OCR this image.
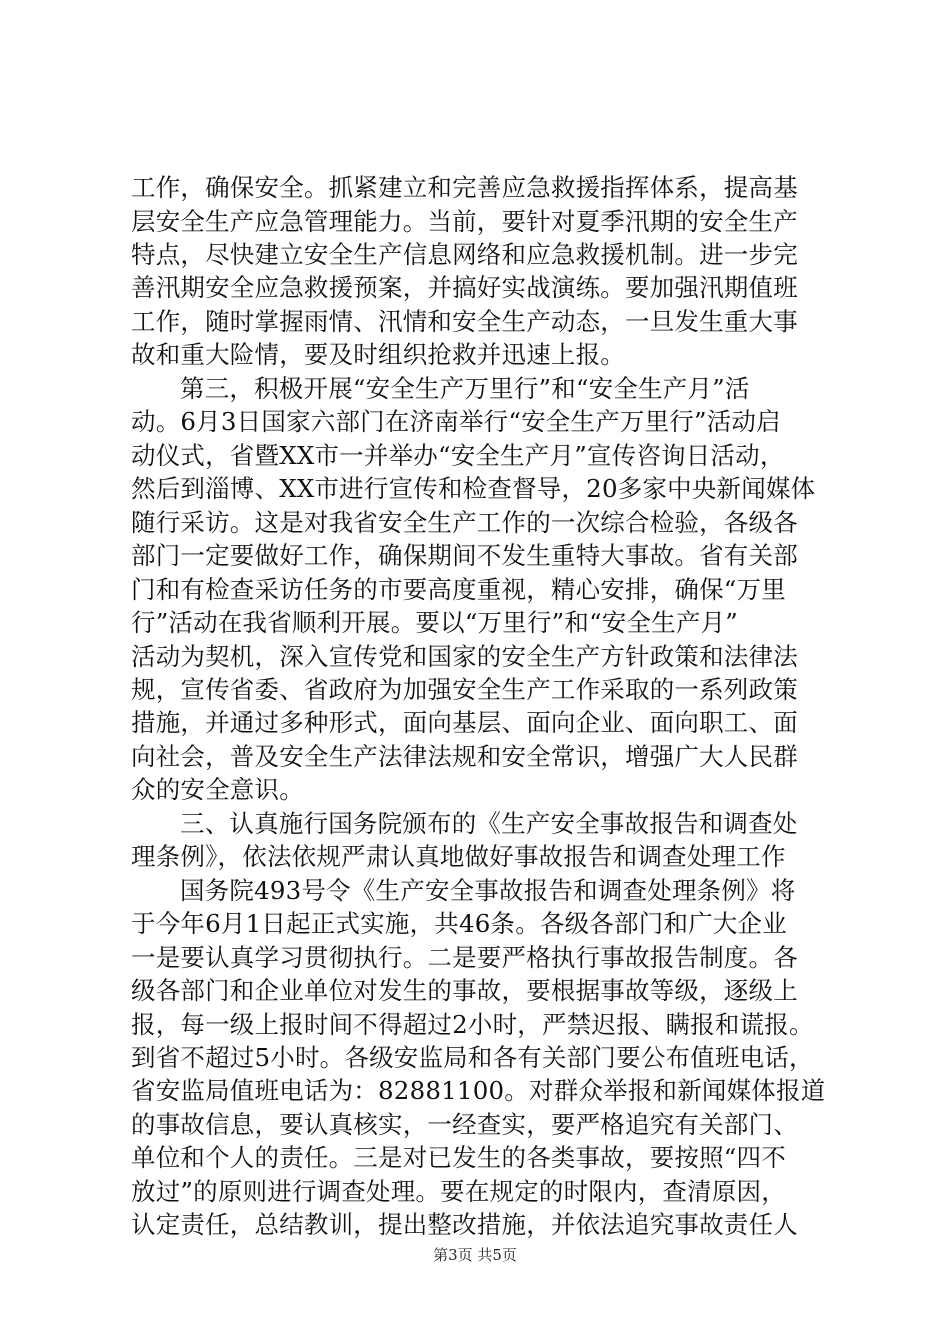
工作，确保安全。抓紧建立和完善应急救援指挥体系，提高基
层安全生产应急管理能力。当前，要针对夏季汛期的安全生产
特点，尽快建立安全生产信息网络和应急救援机制。进一步完
善汛期安全应急救援预案，并搞好实战演练。要加强汛期值班
工作，随时掌握雨情、汛情和安全生产动态，一旦发生重大事
故和重大险情，要及时组织抢救并迅速上报。
第三，积极开展“安全生产万里行”和“安全生产月”活
动。6月3日国家六部门在济南举行“安全生产万里行”活动启
动仪式，省暨XX市一并举办“安全生产月”宣传咨询日活动，
然后到淄博、XX市进行宣传和检查督导，20多家中央新闻媒体
随行采访。这是对我省安全生产工作的一次综合检验，各级各
部门一定要做好工作，确保期间不发生重特大事故。省有关部
门和有检查采访任务的市要高度重视，精心安排，确保“万里
行”活动在我省顺利开展。要以“万里行”和“安全生产月”
活动为契机，深入宣传党和国家的安全生产方针政策和法律法
规，宣传省委、省政府为加强安全生产工作采取的一系列政策
措施，并通过多种形式，面向基层、面向企业、面向职工、面
向社会，普及安全生产法律法规和安全常识，增强广大人民群
众的安全意识。
三、认真施行国务院颁布的《生产安全事故报告和调查处
理条例》，依法依规严肃认真地做好事故报告和调查处理工作
国务院493号令《生产安全事故报告和调查处理条例》将
于今年6月1日起正式实施，共46条。各级各部门和广大企业
一是要认真学习贯彻执行。二是要严格执行事故报告制度。各
级各部门和企业单位对发生的事故，要根据事故等级，逐级上
报，每一级上报时间不得超过2小时，严禁迟报、瞒报和谎报。
到省不超过5小时。各级安监局和各有关部门要公布值班电话，
省安监局值班电话为：82881100。对群众举报和新闻媒体报道
的事故信息，要认真核实，一经查实，要严格追究有关部门、
单位和个人的责任。三是对已发生的各类事故，要按照“四不
放过”的原则进行调查处理。要在规定的时限内，查清原因，
认定责任，总结教训，提出整改措施，并依法追究事故责任人
第3页 共5页
